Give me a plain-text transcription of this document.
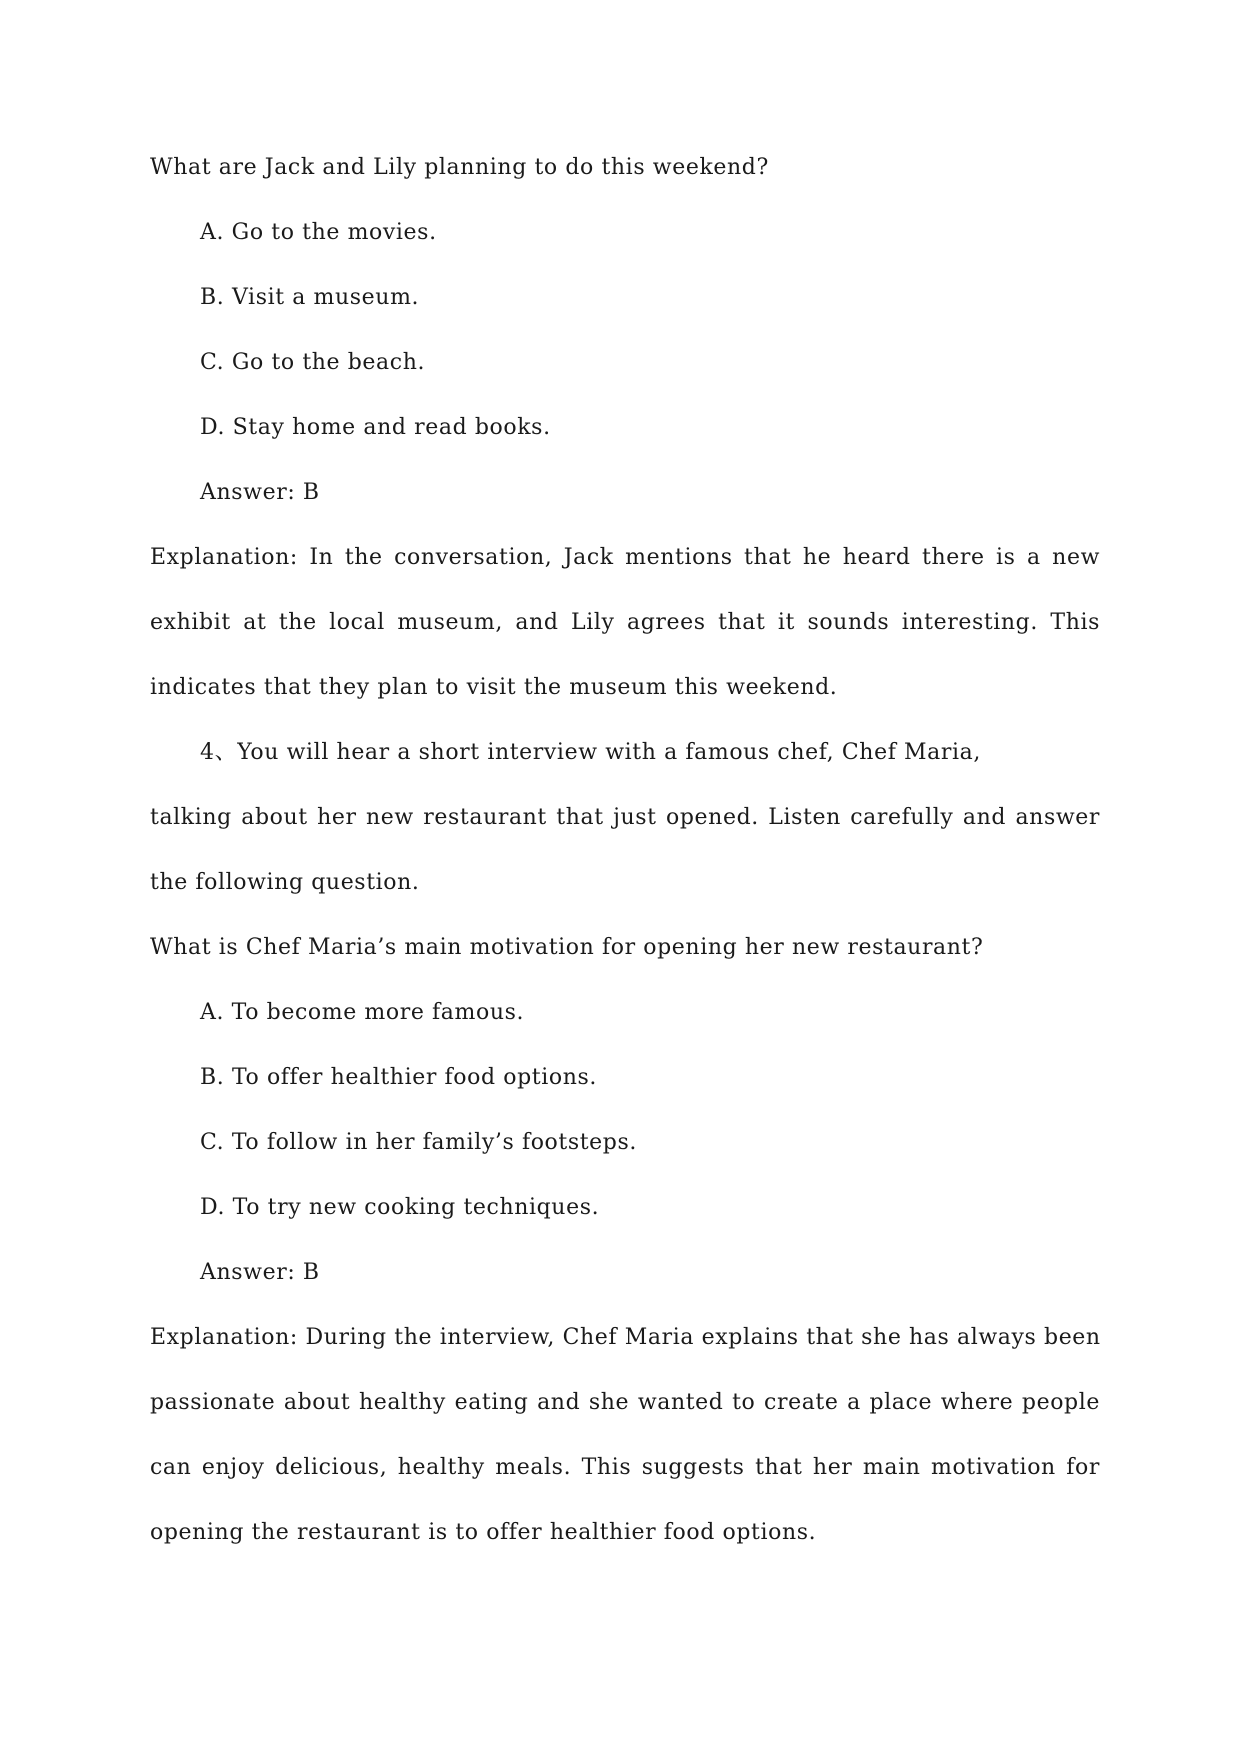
What are Jack and Lily planning to do this weekend?
A. Go to the movies.
B. Visit a museum.
C. Go to the beach.
D. Stay home and read books.
Answer: B
Explanation: In the conversation, Jack mentions that he heard there is a new
exhibit at the local museum, and Lily agrees that it sounds interesting. This
indicates that they plan to visit the museum this weekend.
4、You will hear a short interview with a famous chef, Chef Maria,
talking about her new restaurant that just opened. Listen carefully and answer
the following question.
What is Chef Maria’s main motivation for opening her new restaurant?
A. To become more famous.
B. To offer healthier food options.
C. To follow in her family’s footsteps.
D. To try new cooking techniques.
Answer: B
Explanation: During the interview, Chef Maria explains that she has always been
passionate about healthy eating and she wanted to create a place where people
can enjoy delicious, healthy meals. This suggests that her main motivation for
opening the restaurant is to offer healthier food options.
